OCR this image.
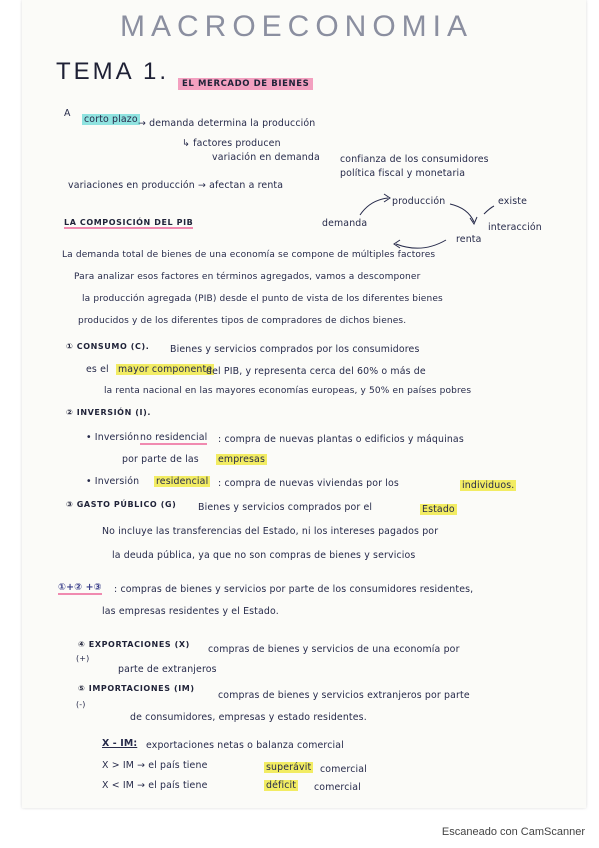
MACROECONOMIA
TEMA 1.	EL MERCADO DE BIENES
A
corto plazo → demanda determina la producción
↳ factores producen
variación en demanda confianza de los consumidores
política fiscal y monetaria
variaciones en producción → afectan a renta
producción	existe
interacción
demanda
renta
LA COMPOSICIÓN DEL PIB
La demanda total de bienes de una economía se compone de múltiples factores
Para analizar esos factores en términos agregados, vamos a descomponer
la producción agregada (PIB) desde el punto de vista de los diferentes bienes
producidos y de los diferentes tipos de compradores de dichos bienes.
① CONSUMO (C). Bienes y servicios comprados por los consumidores
es el mayor componente
del PIB, y representa cerca del 60% o más de
la renta nacional en las mayores economías europeas, y 50% en países pobres
② INVERSIÓN (I).
• Inversión no residencial : compra de nuevas plantas o edificios y máquinas
por parte de las empresas
• Inversión residencial : compra de nuevas viviendas por los	individuos.
③ GASTO PÚBLICO (G) Bienes y servicios comprados por el	Estado
No incluye las transferencias del Estado, ni los intereses pagados por
la deuda pública, ya que no son compras de bienes y servicios
①+② +③ : compras de bienes y servicios por parte de los consumidores residentes,
las empresas residentes y el Estado.
④ EXPORTACIONES (X)
(+)
compras de bienes y servicios de una economía por
parte de extranjeros
⑤ IMPORTACIONES (IM)
(-)
compras de bienes y servicios extranjeros por parte
de consumidores, empresas y estado residentes.
X - IM: exportaciones netas o balanza comercial
X > IM → el país tiene	superávit comercial
X < IM → el país tiene	déficit comercial
Escaneado con CamScanner
